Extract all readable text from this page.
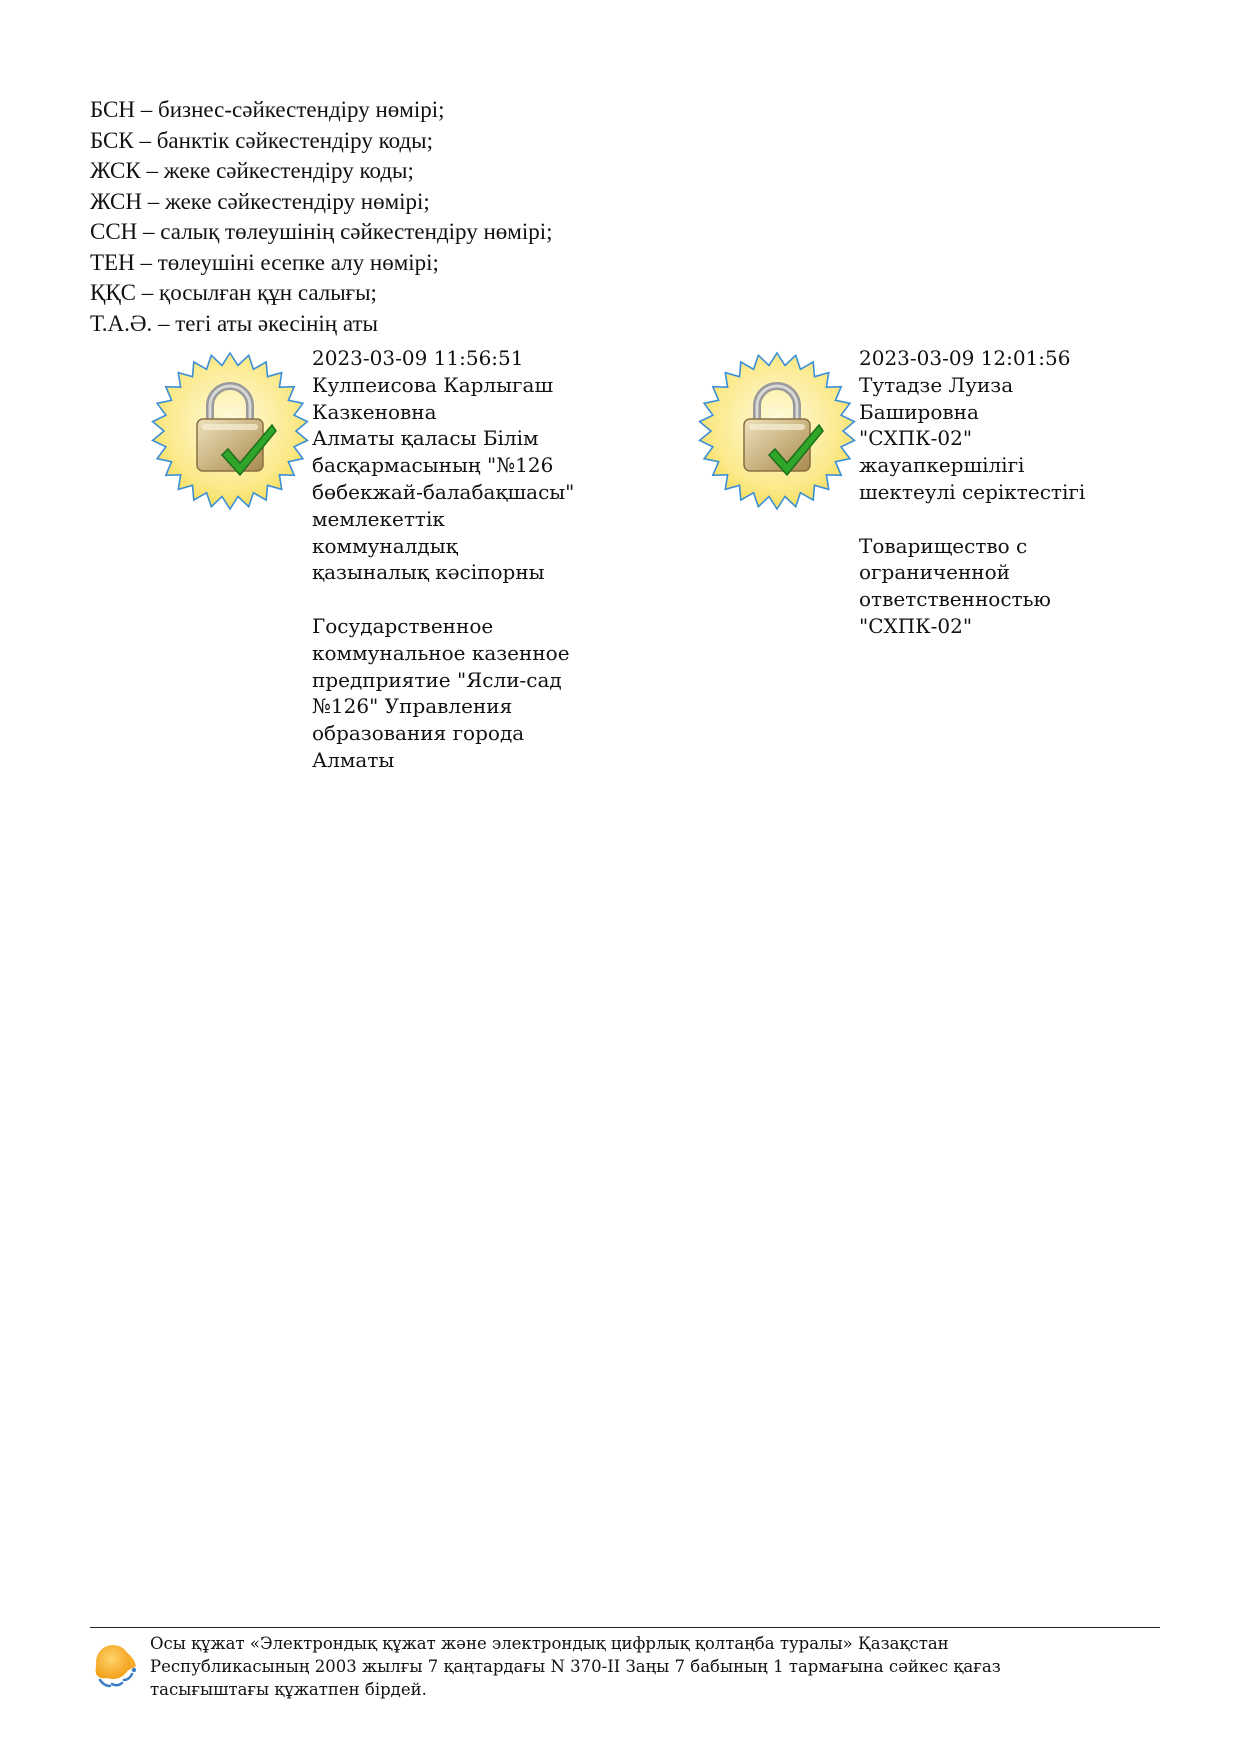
БСН – бизнес-сәйкестендіру нөмірі;
БСК – банктік сәйкестендіру коды;
ЖСК – жеке сәйкестендіру коды;
ЖСН – жеке сәйкестендіру нөмірі;
ССН – салық төлеушінің сәйкестендіру нөмірі;
ТЕН – төлеушіні есепке алу нөмірі;
ҚҚС – қосылған құн салығы;
Т.А.Ә. – тегі аты әкесінің аты
2023-03-09 11:56:51
Кулпеисова Карлыгаш
Казкеновна
Алматы қаласы Білім
басқармасының "№126
бөбекжай-балабақшасы"
мемлекеттік
коммуналдық
қазыналық кәсіпорны
Государственное
коммунальное казенное
предприятие "Ясли-сад
№126" Управления
образования города
Алматы
2023-03-09 12:01:56
Тутадзе Луиза
Башировна
"СХПК-02"
жауапкершілігі
шектеулі серіктестігі
Товарищество с
ограниченной
ответственностью
"СХПК-02"
Осы құжат «Электрондық құжат және электрондық цифрлық қолтаңба туралы» Қазақстан
Республикасының 2003 жылғы 7 қаңтардағы N 370-II Заңы 7 бабының 1 тармағына сәйкес қағаз
тасығыштағы құжатпен бірдей.
